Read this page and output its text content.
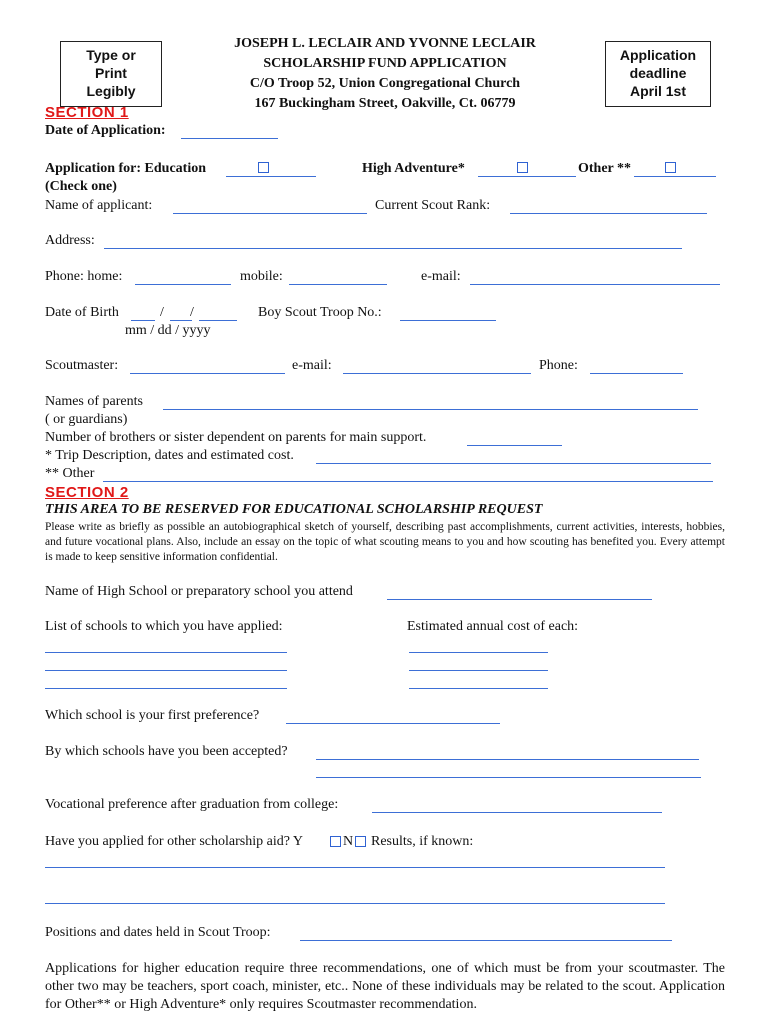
Type or
Print
Legibly
JOSEPH L. LECLAIR AND YVONNE LECLAIR
SCHOLARSHIP FUND APPLICATION
C/O Troop 52, Union Congregational Church
167 Buckingham Street, Oakville, Ct. 06779
Application
deadline
April 1st
SECTION 1
Date of Application:
Application for: Education	High Adventure*	Other **
(Check one)
Name of applicant:	Current Scout Rank:
Address:
Phone: home:	mobile:	e-mail:
Date of Birth	/ /
mm / dd / yyyy
Boy Scout Troop No.:
Scoutmaster:	e-mail:	Phone:
Names of parents
( or guardians)
Number of brothers or sister dependent on parents for main support.
* Trip Description, dates and estimated cost.
** Other
SECTION 2
THIS AREA TO BE RESERVED FOR EDUCATIONAL SCHOLARSHIP REQUEST
Please write as briefly as possible an autobiographical sketch of yourself, describing past accomplishments, current activities, interests, hobbies, and future vocational plans. Also, include an essay on the topic of what scouting means to you and how scouting has benefited you. Every attempt is made to keep sensitive information confidential.
Name of High School or preparatory school you attend
List of schools to which you have applied:	Estimated annual cost of each:
Which school is your first preference?
By which schools have you been accepted?
Vocational preference after graduation from college:
Have you applied for other scholarship aid? Y	N Results, if known:
Positions and dates held in Scout Troop:
Applications for higher education require three recommendations, one of which must be from your scoutmaster. The other two may be teachers, sport coach, minister, etc.. None of these individuals may be related to the scout. Application for Other** or High Adventure* only requires Scoutmaster recommendation.
